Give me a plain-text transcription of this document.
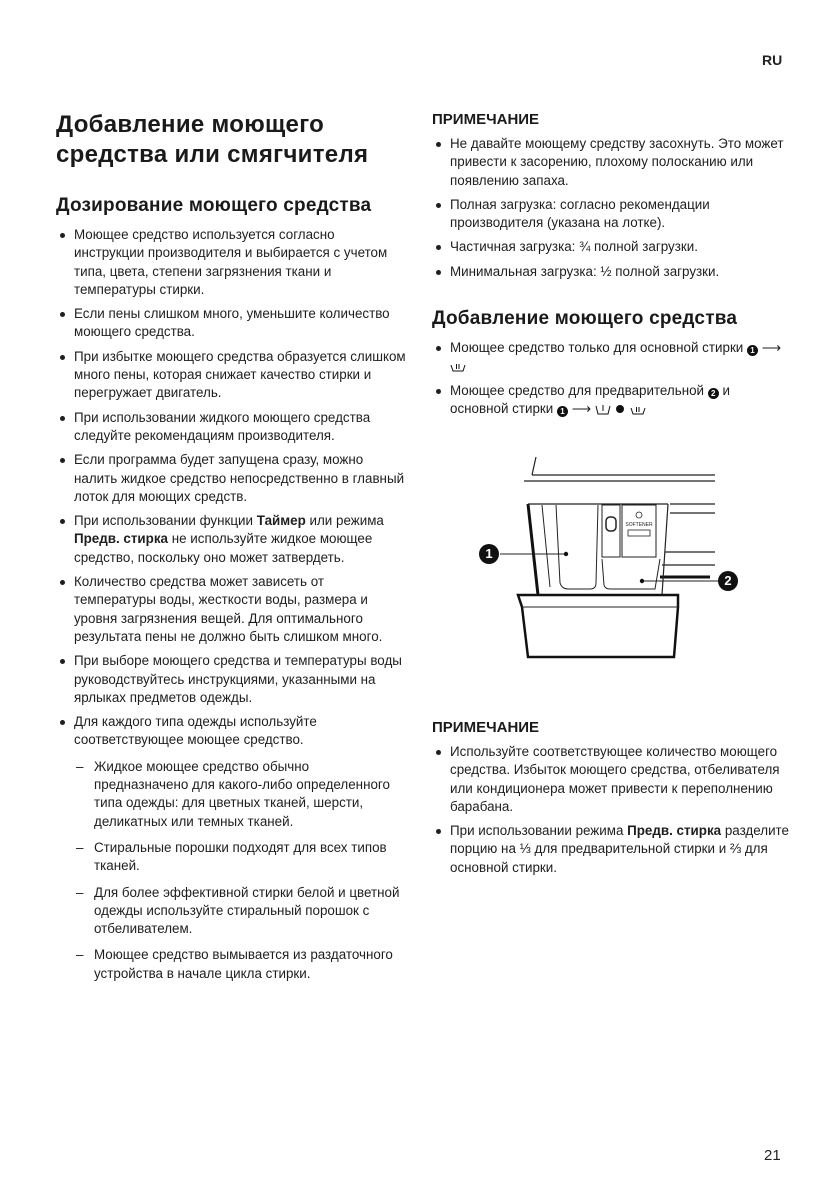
RU
Добавление моющего средства или смягчителя
Дозирование моющего средства
Моющее средство используется согласно инструкции производителя и выбирается с учетом типа, цвета, степени загрязнения ткани и температуры стирки.
Если пены слишком много, уменьшите количество моющего средства.
При избытке моющего средства образуется слишком много пены, которая снижает качество стирки и перегружает двигатель.
При использовании жидкого моющего средства следуйте рекомендациям производителя.
Если программа будет запущена сразу, можно налить жидкое средство непосредственно в главный лоток для моющих средств.
При использовании функции Таймер или режима Предв. стирка не используйте жидкое моющее средство, поскольку оно может затвердеть.
Количество средства может зависеть от температуры воды, жесткости воды, размера и уровня загрязнения вещей. Для оптимального результата пены не должно быть слишком много.
При выборе моющего средства и температуры воды руководствуйтесь инструкциями, указанными на ярлыках предметов одежды.
Для каждого типа одежды используйте соответствующее моющее средство.
– Жидкое моющее средство обычно предназначено для какого-либо определенного типа одежды: для цветных тканей, шерсти, деликатных или темных тканей.
– Стиральные порошки подходят для всех типов тканей.
– Для более эффективной стирки белой и цветной одежды используйте стиральный порошок с отбеливателем.
– Моющее средство вымывается из раздаточного устройства в начале цикла стирки.
ПРИМЕЧАНИЕ
Не давайте моющему средству засохнуть. Это может привести к засорению, плохому полосканию или появлению запаха.
Полная загрузка: согласно рекомендации производителя (указана на лотке).
Частичная загрузка: ¾ полной загрузки.
Минимальная загрузка: ½ полной загрузки.
Добавление моющего средства
Моющее средство только для основной стирки 1 ⟶
Моющее средство для предварительной 2 и основной стирки 1 ⟶
SOFTENER
1
2
ПРИМЕЧАНИЕ
Используйте соответствующее количество моющего средства. Избыток моющего средства, отбеливателя или кондиционера может привести к переполнению барабана.
При использовании режима Предв. стирка разделите порцию на ⅓ для предварительной стирки и ⅔ для основной стирки.
21
